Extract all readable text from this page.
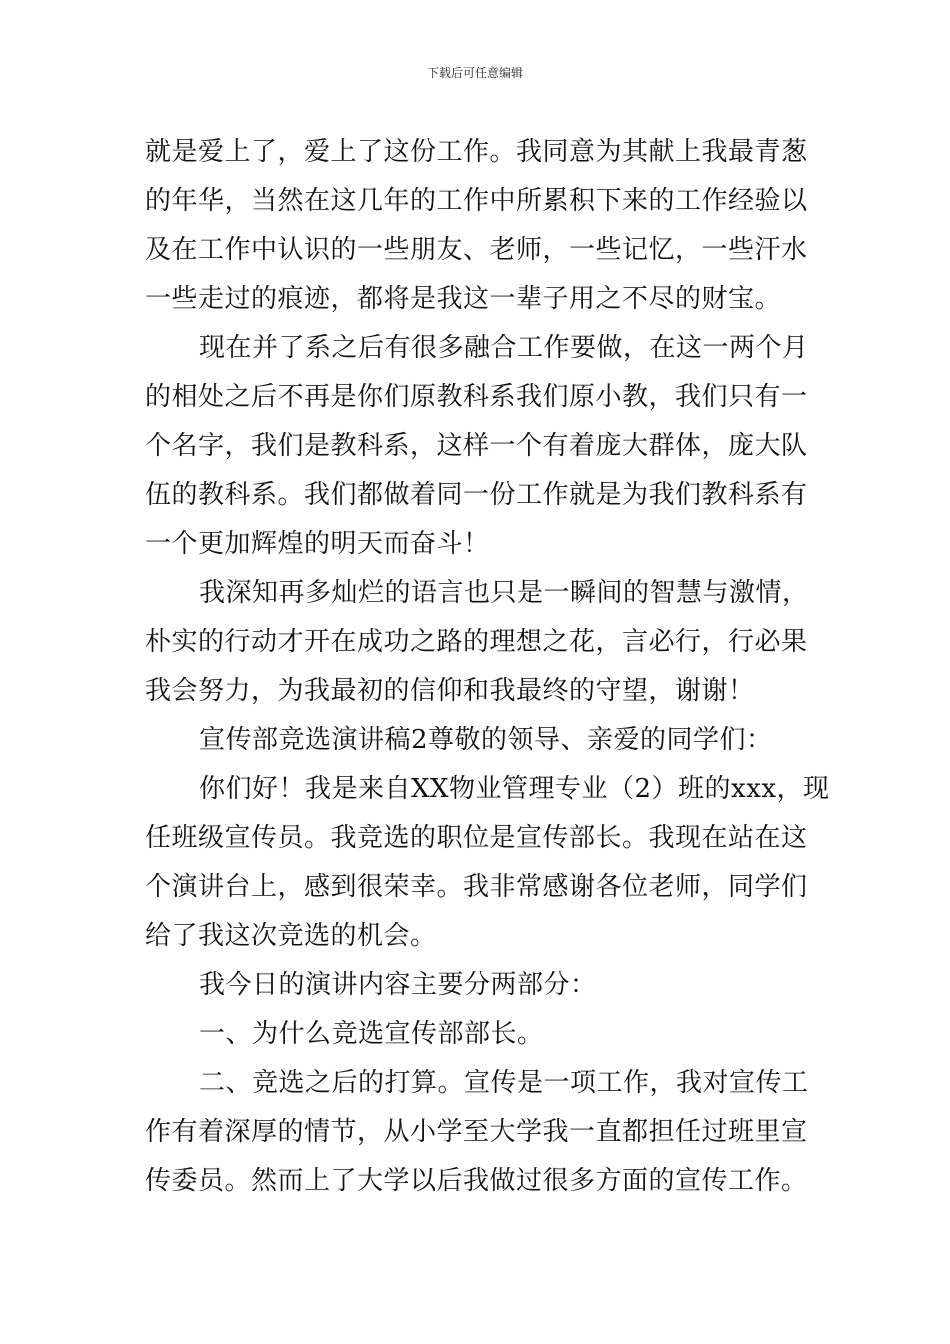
下载后可任意编辑
就是爱上了，爱上了这份工作。我同意为其献上我最青葱
的年华，当然在这几年的工作中所累积下来的工作经验以
及在工作中认识的一些朋友、老师，一些记忆，一些汗水
一些走过的痕迹，都将是我这一辈子用之不尽的财宝。
现在并了系之后有很多融合工作要做，在这一两个月
的相处之后不再是你们原教科系我们原小教，我们只有一
个名字，我们是教科系，这样一个有着庞大群体，庞大队
伍的教科系。我们都做着同一份工作就是为我们教科系有
一个更加辉煌的明天而奋斗！
我深知再多灿烂的语言也只是一瞬间的智慧与激情，
朴实的行动才开在成功之路的理想之花，言必行，行必果
我会努力，为我最初的信仰和我最终的守望，谢谢！
宣传部竞选演讲稿2尊敬的领导、亲爱的同学们：
你们好！我是来自XX物业管理专业（2）班的xxx，现
任班级宣传员。我竞选的职位是宣传部长。我现在站在这
个演讲台上，感到很荣幸。我非常感谢各位老师，同学们
给了我这次竞选的机会。
我今日的演讲内容主要分两部分：
一、为什么竞选宣传部部长。
二、竞选之后的打算。宣传是一项工作，我对宣传工
作有着深厚的情节，从小学至大学我一直都担任过班里宣
传委员。然而上了大学以后我做过很多方面的宣传工作。
